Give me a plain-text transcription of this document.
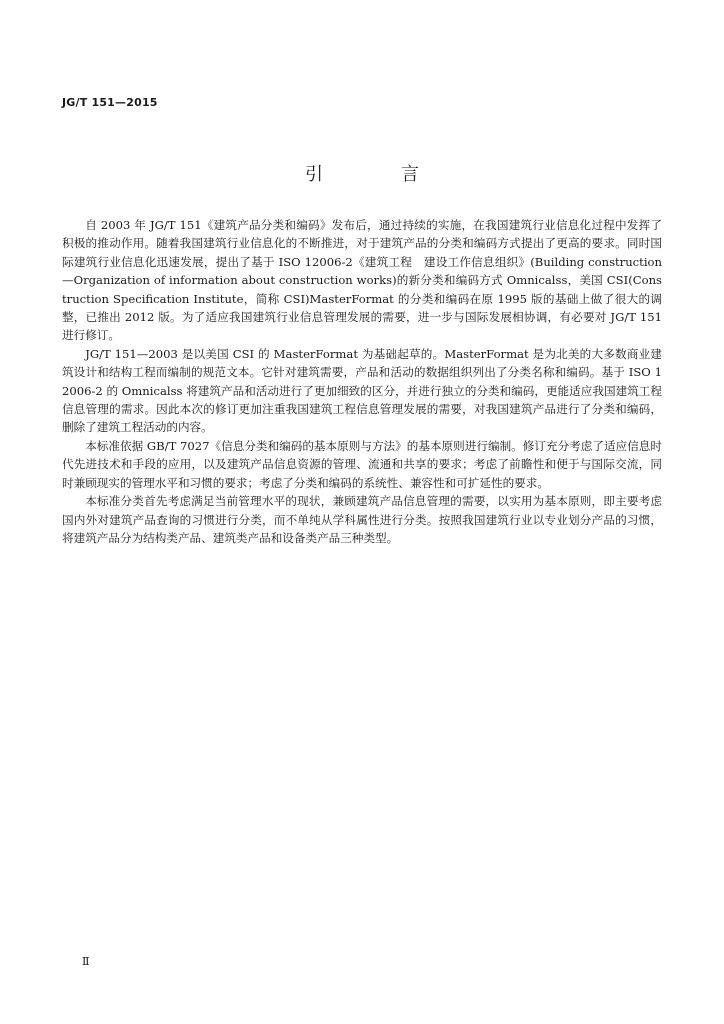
JG/T 151—2015
引　言

自 2003 年 JG/T 151《建筑产品分类和编码》发布后，通过持续的实施，在我国建筑行业信息化过程中发挥了积极的推动作用。随着我国建筑行业信息化的不断推进，对于建筑产品的分类和编码方式提出了更高的要求。同时国际建筑行业信息化迅速发展，提出了基于 ISO 12006-2《建筑工程　建设工作信息组织》(Building construction—Organization of information about construction works)的新分类和编码方式 Omnicalss，美国 CSI(Construction Specification Institute，简称 CSI)MasterFormat 的分类和编码在原 1995 版的基础上做了很大的调整，已推出 2012 版。为了适应我国建筑行业信息管理发展的需要，进一步与国际发展相协调，有必要对 JG/T 151 进行修订。

JG/T 151—2003 是以美国 CSI 的 MasterFormat 为基础起草的。MasterFormat 是为北美的大多数商业建筑设计和结构工程而编制的规范文本。它针对建筑需要，产品和活动的数据组织列出了分类名称和编码。基于 ISO 12006-2 的 Omnicalss 将建筑产品和活动进行了更加细致的区分，并进行独立的分类和编码，更能适应我国建筑工程信息管理的需求。因此本次的修订更加注重我国建筑工程信息管理发展的需要，对我国建筑产品进行了分类和编码，删除了建筑工程活动的内容。

本标准依据 GB/T 7027《信息分类和编码的基本原则与方法》的基本原则进行编制。修订充分考虑了适应信息时代先进技术和手段的应用，以及建筑产品信息资源的管理、流通和共享的要求；考虑了前瞻性和便于与国际交流，同时兼顾现实的管理水平和习惯的要求；考虑了分类和编码的系统性、兼容性和可扩延性的要求。

本标准分类首先考虑满足当前管理水平的现状，兼顾建筑产品信息管理的需要，以实用为基本原则，即主要考虑国内外对建筑产品查询的习惯进行分类，而不单纯从学科属性进行分类。按照我国建筑行业以专业划分产品的习惯，将建筑产品分为结构类产品、建筑类产品和设备类产品三种类型。

Ⅱ
